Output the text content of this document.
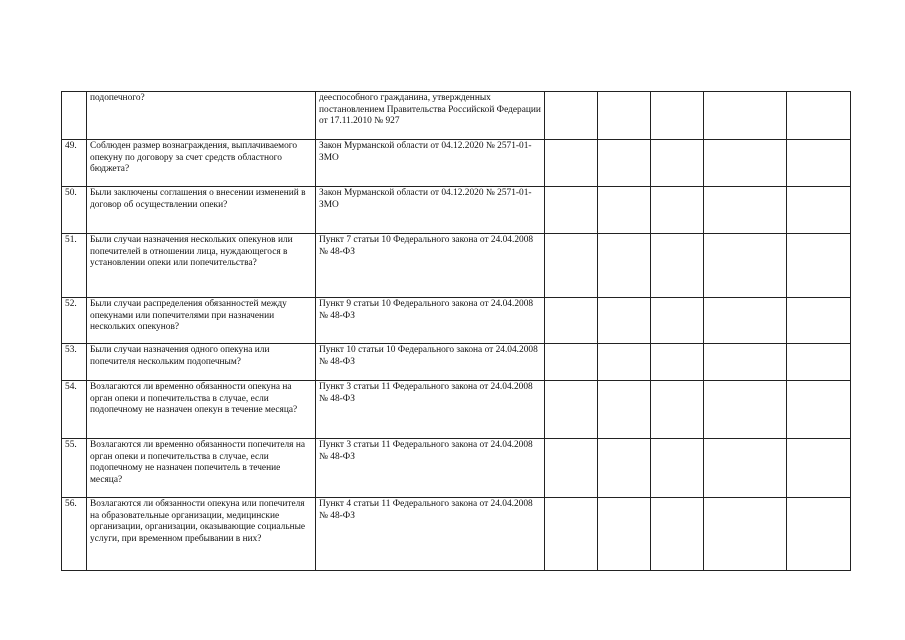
	подопечного?	дееспособного гражданина, утвержденных постановлением Правительства Российской Федерации от 17.11.2010 № 927					
49.	Соблюден размер вознаграждения, выплачиваемого опекуну по договору за счет средств областного бюджета?	Закон Мурманской области от 04.12.2020 № 2571-01-ЗМО					
50.	Были заключены соглашения о внесении изменений в договор об осуществлении опеки?	Закон Мурманской области от 04.12.2020 № 2571-01-ЗМО					
51.	Были случаи назначения нескольких опекунов или попечителей в отношении лица, нуждающегося в установлении опеки или попечительства?	Пункт 7 статьи 10 Федерального закона от 24.04.2008 № 48-ФЗ					
52.	Были случаи распределения обязанностей между опекунами или попечителями при назначении нескольких опекунов?	Пункт 9 статьи 10 Федерального закона от 24.04.2008 № 48-ФЗ					
53.	Были случаи назначения одного опекуна или попечителя нескольким подопечным?	Пункт 10 статьи 10 Федерального закона от 24.04.2008 № 48-ФЗ					
54.	Возлагаются ли временно обязанности опекуна на орган опеки и попечительства в случае, если подопечному не назначен опекун в течение месяца?	Пункт 3 статьи 11 Федерального закона от 24.04.2008 № 48-ФЗ					
55.	Возлагаются ли временно обязанности попечителя на орган опеки и попечительства в случае, если подопечному не назначен попечитель в течение месяца?	Пункт 3 статьи 11 Федерального закона от 24.04.2008 № 48-ФЗ					
56.	Возлагаются ли обязанности опекуна или попечителя на образовательные организации, медицинские организации, организации, оказывающие социальные услуги, при временном пребывании в них?	Пункт 4 статьи 11 Федерального закона от 24.04.2008 № 48-ФЗ					
